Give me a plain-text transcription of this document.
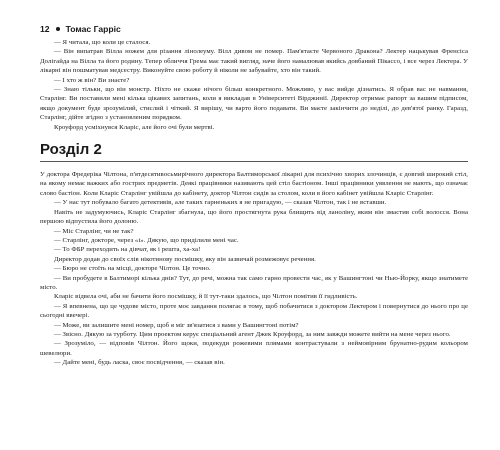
12 Томас Гарріс

— Я читала, що коли це сталося.

— Він випатрав Вілла ножем для різання лінолеуму. Вілл дивом не помер. Пам'ятаєте Червоного Дракона? Лектер нацькував Френсіса Долігайда на Вілла та його родину. Тепер обличчя Грема має такий вигляд, наче його намалював якийсь довбаний Пікассо, і все через Лектера. У лікарні він пошматував медсестру. Виконуйте свою роботу й ніколи не забувайте, хто він такий.

— І хто ж він? Ви знаєте?

— Знаю тільки, що він монстр. Ніхто не скаже нічого більш конкретного. Можливо, у вас вийде дізнатись. Я обрав вас не навмання, Старлінг. Ви поставили мені кілька цікавих запитань, коли я викладав в Університеті Вірджинії. Директор отримає рапорт за вашим підписом, якщо документ буде зрозумілий, стислий і чіткий. Я вирішу, чи варто його подавати. Ви маєте закінчити до неділі, до дев'ятої ранку. Гаразд, Старлінг, дійте згідно з установленим порядком.

Кроуфорд усміхнувся Кларіс, але його очі були мертві.

Розділ 2

У доктора Фредеріка Чілтона, п'ятдесятивосьмирічного директора Балтиморської лікарні для психічно хворих злочинців, є довгий широкий стіл, на якому немає важких або гострих предметів. Деякі працівники називають цей стіл бастіоном. Інші працівники уявлення не мають, що означає слово бастіон. Коли Кларіс Старлінг увійшла до кабінету, доктор Чілтон сидів за столом, коли в його кабінет увійшла Кларіс Старлінг.

— У нас тут побувало багато детективів, але таких гарненьких я не пригадую, — сказав Чілтон, так і не вставши.

Навіть не задумуючись, Кларіс Старлінг збагнула, що його простягнута рука блищить від ланоліну, яким він змастив собі волосся. Вона першою відпустила його долоню.

— Міс Старлінг, чи не так?

— Старлінг, докторе, через «і». Дякую, що приділили мені час.

— То ФБР переходить на дівчат, як і решта, ха-ха!

Директор додав до своїх слів нікотинову посмішку, яку він зазвичай розмежовує речення.

— Бюро не стоїть на місці, докторе Чілтон. Це точно.

— Ви пробудете в Балтиморі кілька днів? Тут, до речі, можна так само гарно провести час, як у Вашингтоні чи Нью-Йорку, якщо знатимете місто.

Кларіс відвела очі, аби не бачити його посмішку, й її тут-таки здалось, що Чілтон помітив її гидливість.

— Я впевнена, що це чудове місто, проте моє завдання полягає в тому, щоб побачитися з доктором Лектером і повернутися до нього про це сьогодні ввечері.

— Може, ви залишите мені номер, щоб я міг зв'язатися з вами у Вашингтоні потім?

— Звісно. Дякую за турботу. Цим проектом керує спеціальний агент Джек Кроуфорд, за ним завжди можете вийти на мене через нього.

— Зрозуміло, — відповів Чілтон. Його щоки, подекуди рожевими плямами контрастували з неймовірним брунатно-рудим кольором шевелюри.

— Дайте мені, будь ласка, своє посвідчення, — сказав він.
